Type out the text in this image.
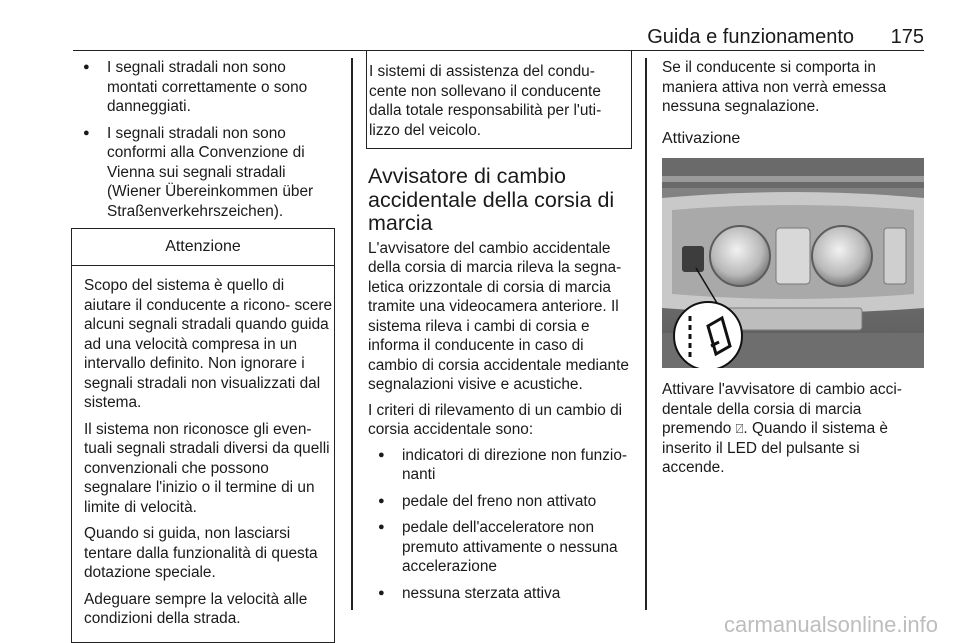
Guida e funzionamento 175
● I segnali stradali non sono montati correttamente o sono danneggiati.
● I segnali stradali non sono conformi alla Convenzione di Vienna sui segnali stradali (Wiener Übereinkommen über Straßenverkehrszeichen).
Attenzione

Scopo del sistema è quello di aiutare il conducente a ricono- scere alcuni segnali stradali quando guida ad una velocità compresa in un intervallo definito. Non ignorare i segnali stradali non visualizzati dal sistema.

Il sistema non riconosce gli even- tuali segnali stradali diversi da quelli convenzionali che possono segnalare l'inizio o il termine di un limite di velocità.

Quando si guida, non lasciarsi tentare dalla funzionalità di questa dotazione speciale.

Adeguare sempre la velocità alle condizioni della strada.

I sistemi di assistenza del condu- cente non sollevano il conducente dalla totale responsabilità per l'uti- lizzo del veicolo.

Avvisatore di cambio accidentale della corsia di marcia

L'avvisatore del cambio accidentale della corsia di marcia rileva la segna- letica orizzontale di corsia di marcia tramite una videocamera anteriore. Il sistema rileva i cambi di corsia e informa il conducente in caso di cambio di corsia accidentale mediante segnalazioni visive e acustiche.

I criteri di rilevamento di un cambio di corsia accidentale sono:

● indicatori di direzione non funzio- nanti
● pedale del freno non attivato
● pedale dell'acceleratore non premuto attivamente o nessuna accelerazione
● nessuna sterzata attiva

Se il conducente si comporta in maniera attiva non verrà emessa nessuna segnalazione.

Attivazione

Attivare l'avvisatore di cambio acci- dentale della corsia di marcia premendo ⍁. Quando il sistema è inserito il LED del pulsante si accende.

carmanualsonline.info
